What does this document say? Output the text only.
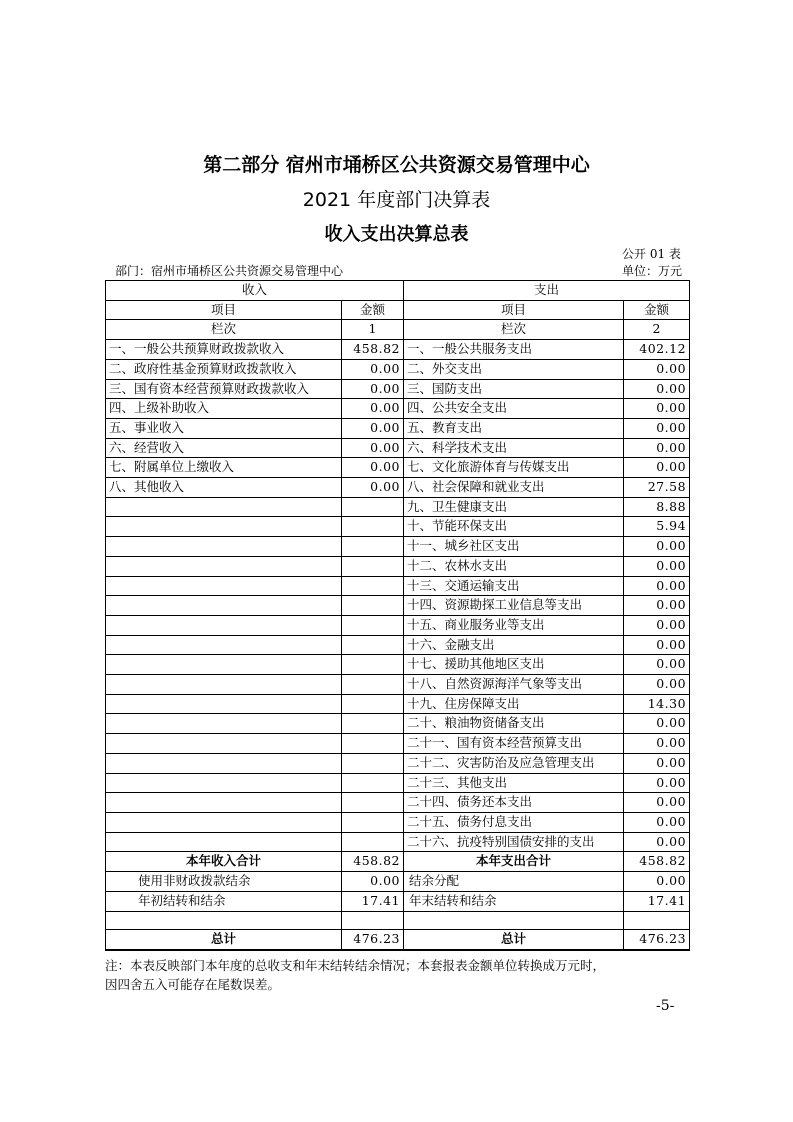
第二部分 宿州市埇桥区公共资源交易管理中心
2021 年度部门决算表
收入支出决算总表
公开 01 表
部门：宿州市埇桥区公共资源交易管理中心	单位：万元
收入		支出	
项目	金额	项目	金额
栏次	1	栏次	2
一、一般公共预算财政拨款收入	458.82	一、一般公共服务支出	402.12
二、政府性基金预算财政拨款收入	0.00	二、外交支出	0.00
三、国有资本经营预算财政拨款收入	0.00	三、国防支出	0.00
四、上级补助收入	0.00	四、公共安全支出	0.00
五、事业收入	0.00	五、教育支出	0.00
六、经营收入	0.00	六、科学技术支出	0.00
七、附属单位上缴收入	0.00	七、文化旅游体育与传媒支出	0.00
八、其他收入	0.00	八、社会保障和就业支出	27.58
		九、卫生健康支出	8.88
		十、节能环保支出	5.94
		十一、城乡社区支出	0.00
		十二、农林水支出	0.00
		十三、交通运输支出	0.00
		十四、资源勘探工业信息等支出	0.00
		十五、商业服务业等支出	0.00
		十六、金融支出	0.00
		十七、援助其他地区支出	0.00
		十八、自然资源海洋气象等支出	0.00
		十九、住房保障支出	14.30
		二十、粮油物资储备支出	0.00
		二十一、国有资本经营预算支出	0.00
		二十二、灾害防治及应急管理支出	0.00
		二十三、其他支出	0.00
		二十四、债务还本支出	0.00
		二十五、债务付息支出	0.00
		二十六、抗疫特别国债安排的支出	0.00
本年收入合计	458.82	本年支出合计	458.82
使用非财政拨款结余	0.00	结余分配	0.00
年初结转和结余	17.41	年末结转和结余	17.41

总计	476.23	总计	476.23
注：本表反映部门本年度的总收支和年末结转结余情况；本套报表金额单位转换成万元时，
因四舍五入可能存在尾数误差。
-5-
